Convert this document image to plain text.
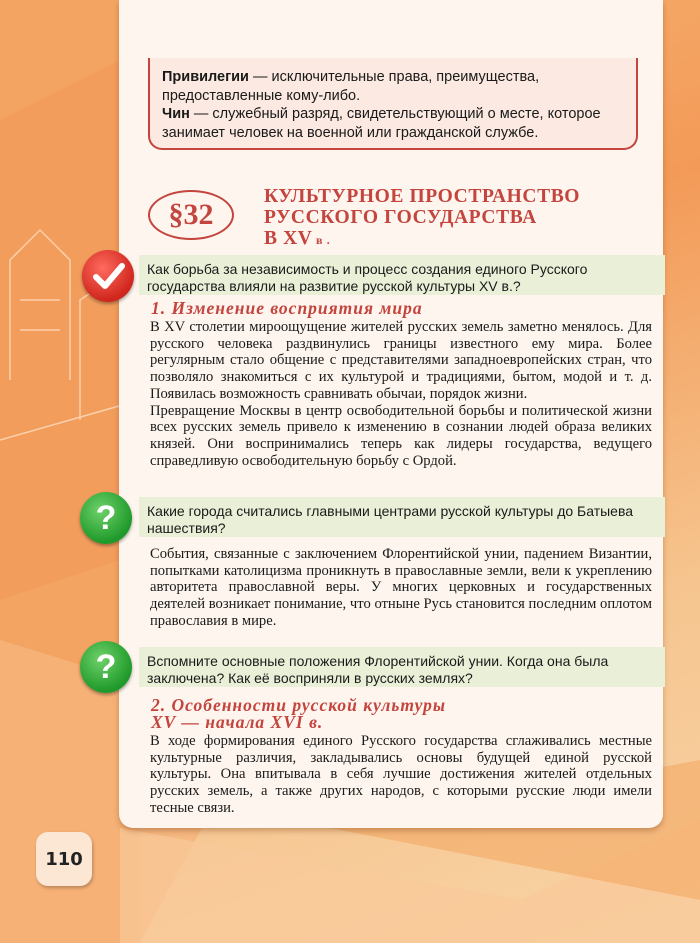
Привилегии — исключительные права, преимущества, предоставленные кому-либо.

Чин — служебный разряд, свидетельствующий о месте, которое занимает человек на военной или гражданской службе.

§32
КУЛЬТУРНОЕ ПРОСТРАНСТВО
РУССКОГО ГОСУДАРСТВА
В XV в .
Как борьба за независимость и процесс создания единого Русского государства влияли на развитие русской культуры XV в.?
1. Изменение восприятия мира

В XV столетии мироощущение жителей русских земель заметно менялось. Для русского человека раздвинулись границы известного ему мира. Более регулярным стало общение с представителями западноевропейских стран, что позволяло знакомиться с их культурой и традициями, бытом, модой и т. д. Появилась возможность сравнивать обычаи, порядок жизни.

Превращение Москвы в центр освободительной борьбы и политической жизни всех русских земель привело к изменению в сознании людей образа великих князей. Они воспринимались теперь как лидеры государства, ведущего справедливую освободительную борьбу с Ордой.

Какие города считались главными центрами русской культуры до Батыева нашествия?
?

События, связанные с заключением Флорентийской унии, падением Византии, попытками католицизма проникнуть в православные земли, вели к укреплению авторитета православной веры. У многих церковных и государственных деятелей возникает понимание, что отныне Русь становится последним оплотом православия в мире.

Вспомните основные положения Флорентийской унии. Когда она была заключена? Как её восприняли в русских землях?
?
2. Особенности русской культуры
XV — начала XVI в.

В ходе формирования единого Русского государства сглаживались местные культурные различия, закладывались основы будущей единой русской культуры. Она впитывала в себя лучшие достижения жителей отдельных русских земель, а также других народов, с которыми русские люди имели тесные связи.

110
